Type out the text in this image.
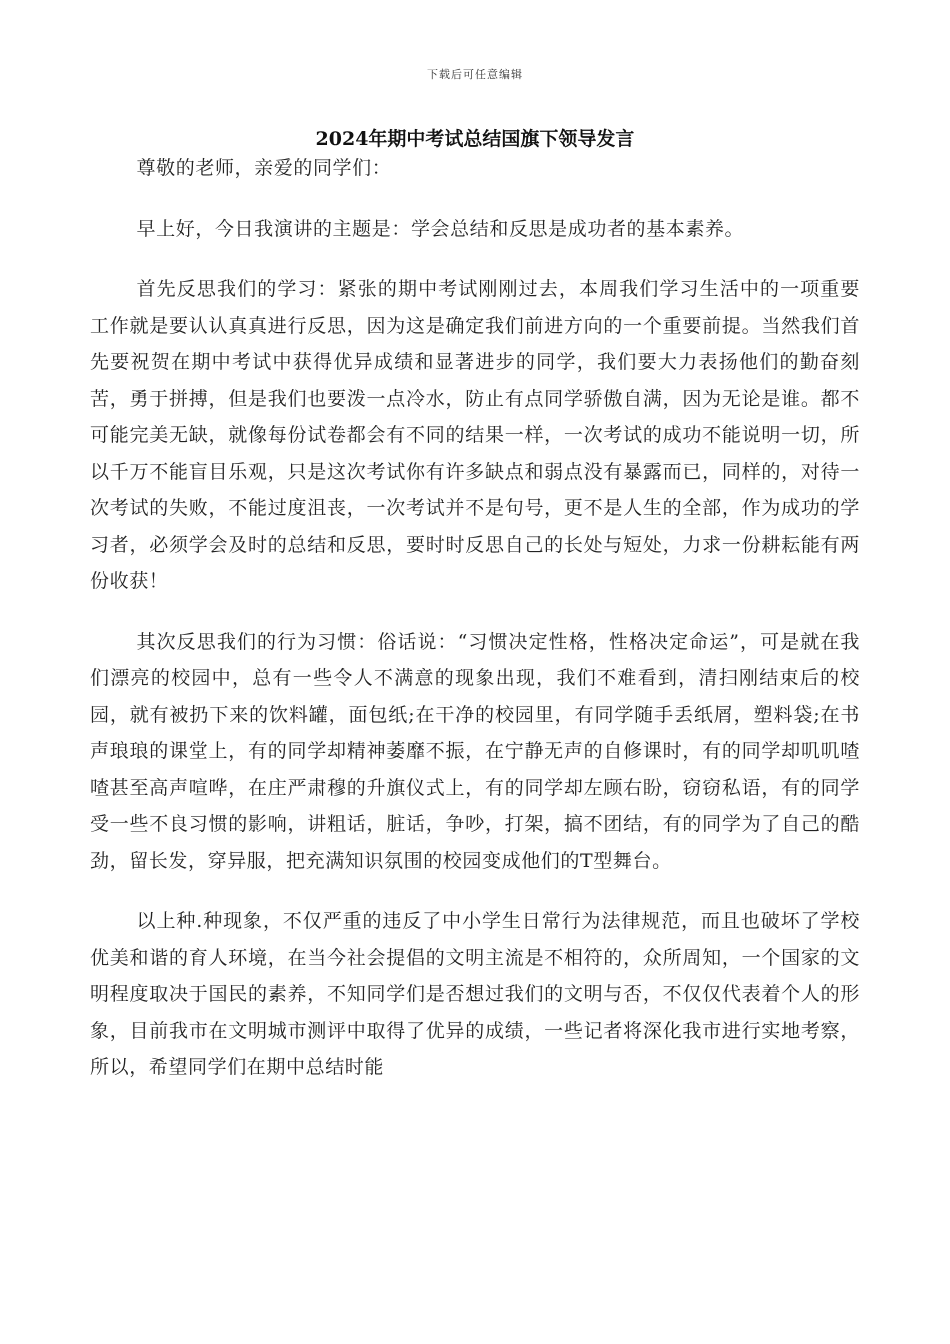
下载后可任意编辑
2024年期中考试总结国旗下领导发言

尊敬的老师，亲爱的同学们：

早上好，今日我演讲的主题是：学会总结和反思是成功者的基本素养。

首先反思我们的学习：紧张的期中考试刚刚过去，本周我们学习生活中的一项重要工作就是要认认真真进行反思，因为这是确定我们前进方向的一个重要前提。当然我们首先要祝贺在期中考试中获得优异成绩和显著进步的同学，我们要大力表扬他们的勤奋刻苦，勇于拼搏，但是我们也要泼一点冷水，防止有点同学骄傲自满，因为无论是谁。都不可能完美无缺，就像每份试卷都会有不同的结果一样，一次考试的成功不能说明一切，所以千万不能盲目乐观，只是这次考试你有许多缺点和弱点没有暴露而已，同样的，对待一次考试的失败，不能过度沮丧，一次考试并不是句号，更不是人生的全部，作为成功的学习者，必须学会及时的总结和反思，要时时反思自己的长处与短处，力求一份耕耘能有两份收获！

其次反思我们的行为习惯：俗话说：“习惯决定性格，性格决定命运”，可是就在我们漂亮的校园中，总有一些令人不满意的现象出现，我们不难看到，清扫刚结束后的校园，就有被扔下来的饮料罐，面包纸;在干净的校园里，有同学随手丢纸屑，塑料袋;在书声琅琅的课堂上，有的同学却精神萎靡不振，在宁静无声的自修课时，有的同学却叽叽喳喳甚至高声喧哗，在庄严肃穆的升旗仪式上，有的同学却左顾右盼，窃窃私语，有的同学受一些不良习惯的影响，讲粗话，脏话，争吵，打架，搞不团结，有的同学为了自己的酷劲，留长发，穿异服，把充满知识氛围的校园变成他们的T型舞台。

以上种.种现象，不仅严重的违反了中小学生日常行为法律规范，而且也破坏了学校优美和谐的育人环境，在当今社会提倡的文明主流是不相符的，众所周知，一个国家的文明程度取决于国民的素养，不知同学们是否想过我们的文明与否，不仅仅代表着个人的形象，目前我市在文明城市测评中取得了优异的成绩，一些记者将深化我市进行实地考察，所以，希望同学们在期中总结时能
